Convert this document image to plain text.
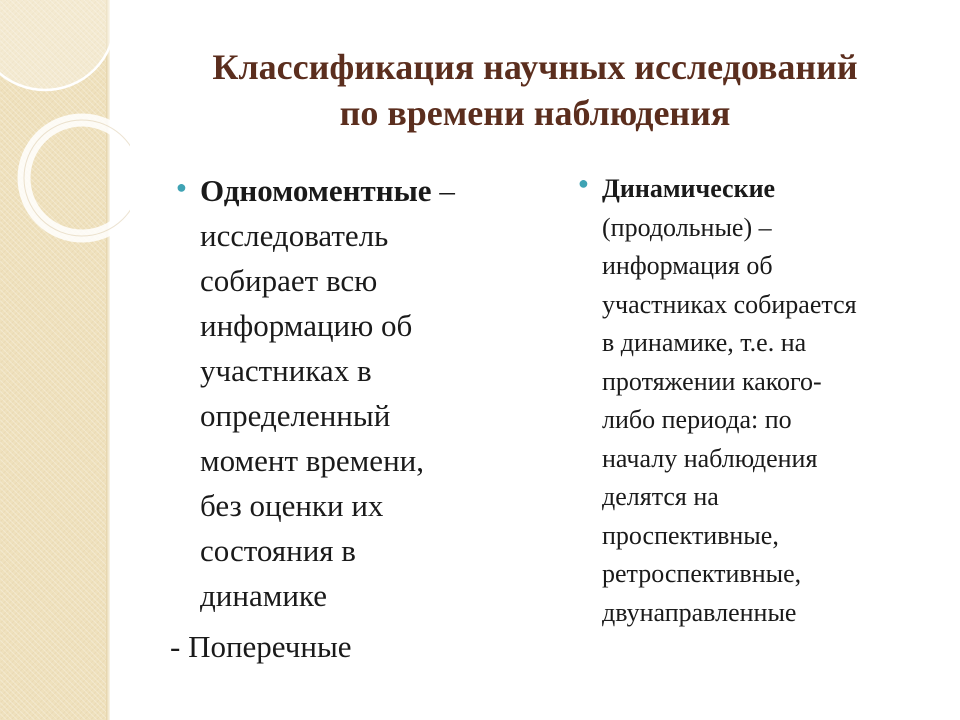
Классификация научных исследований
по времени наблюдения
● Одномоментные –
исследователь
собирает всю
информацию об
участниках в
определенный
момент времени,
без оценки их
состояния в
динамике
- Поперечные
● Динамические
(продольные) –
информация об
участниках собирается
в динамике, т.е. на
протяжении какого-
либо периода: по
началу наблюдения
делятся на
проспективные,
ретроспективные,
двунаправленные
